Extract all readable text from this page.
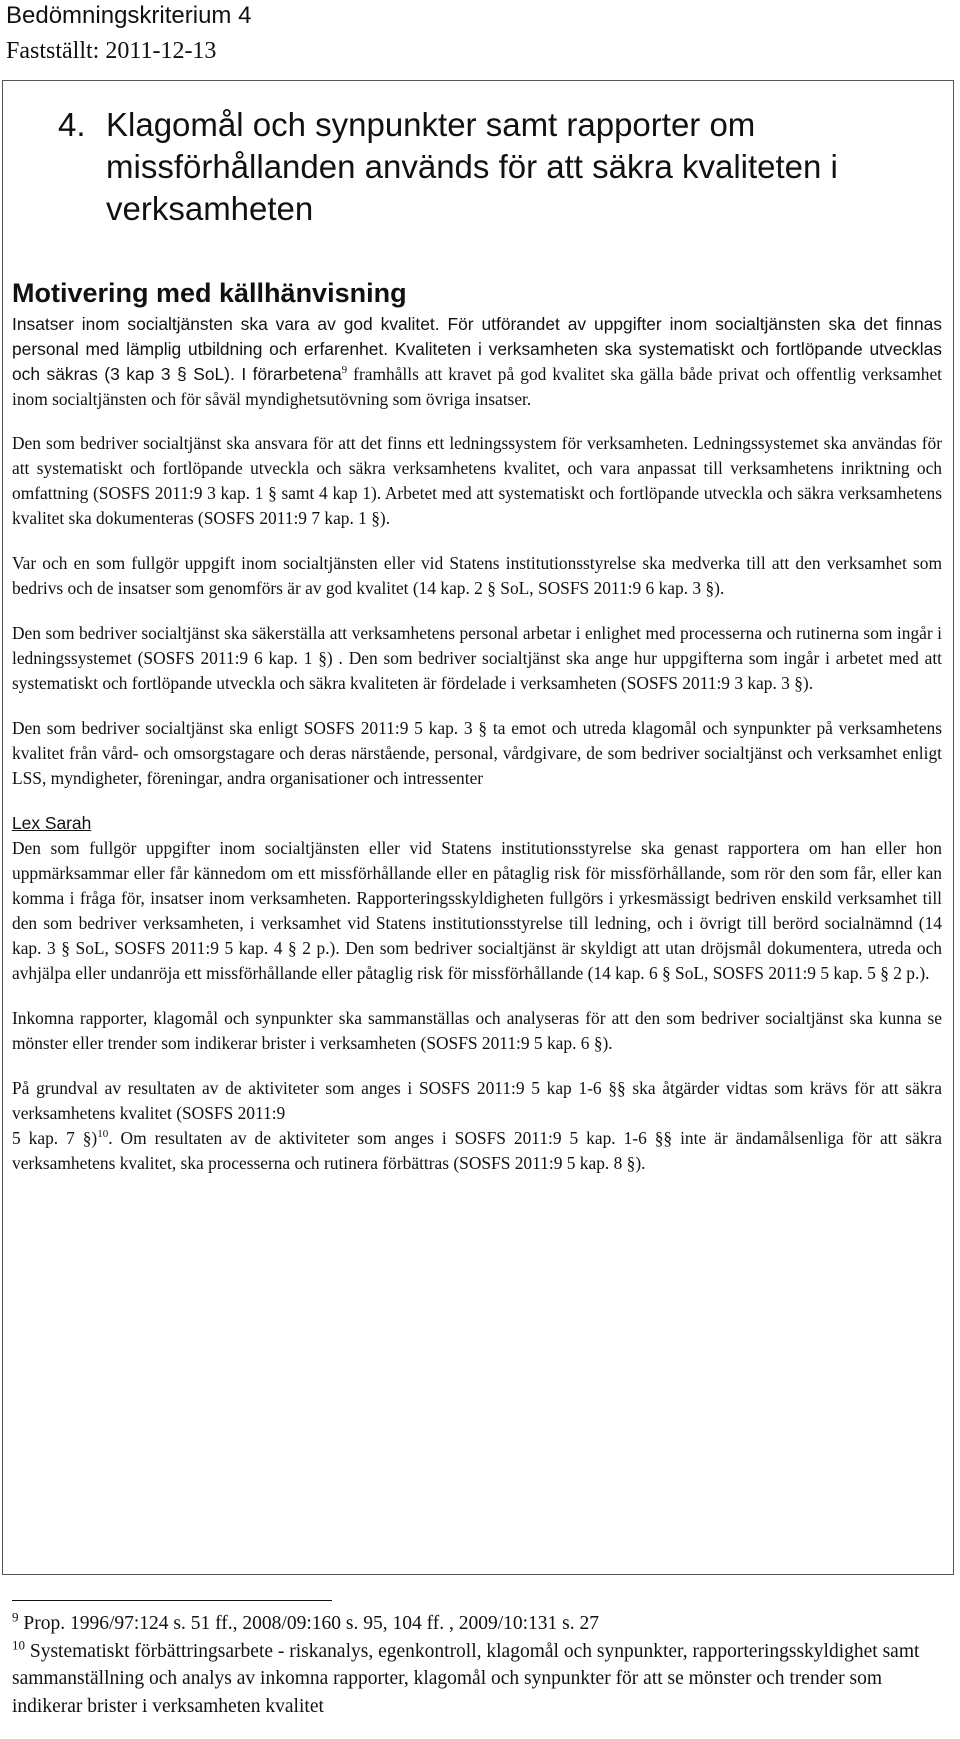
Bedömningskriterium 4
Fastställt: 2011-12-13
4. Klagomål och synpunkter samt rapporter om missförhållanden används för att säkra kvaliteten i verksamheten
Motivering med källhänvisning

Insatser inom socialtjänsten ska vara av god kvalitet. För utförandet av uppgifter inom socialtjänsten ska det finnas personal med lämplig utbildning och erfarenhet. Kvaliteten i verksamheten ska systematiskt och fortlöpande utvecklas och säkras (3 kap 3 § SoL). I förarbetena$^9$ framhålls att kravet på god kvalitet ska gälla både privat och offentlig verksamhet inom socialtjänsten och för såväl myndighetsutövning som övriga insatser.

Den som bedriver socialtjänst ska ansvara för att det finns ett ledningssystem för verksamheten. Ledningssystemet ska användas för att systematiskt och fortlöpande utveckla och säkra verksamhetens kvalitet, och vara anpassat till verksamhetens inriktning och omfattning (SOSFS 2011:9 3 kap. 1 § samt 4 kap 1). Arbetet med att systematiskt och fortlöpande utveckla och säkra verksamhetens kvalitet ska dokumenteras (SOSFS 2011:9 7 kap. 1 §).

Var och en som fullgör uppgift inom socialtjänsten eller vid Statens institutionsstyrelse ska medverka till att den verksamhet som bedrivs och de insatser som genomförs är av god kvalitet (14 kap. 2 § SoL, SOSFS 2011:9 6 kap. 3 §).

Den som bedriver socialtjänst ska säkerställa att verksamhetens personal arbetar i enlighet med processerna och rutinerna som ingår i ledningssystemet (SOSFS 2011:9 6 kap. 1 §) . Den som bedriver socialtjänst ska ange hur uppgifterna som ingår i arbetet med att systematiskt och fortlöpande utveckla och säkra kvaliteten är fördelade i verksamheten (SOSFS 2011:9 3 kap. 3 §).

Den som bedriver socialtjänst ska enligt SOSFS 2011:9 5 kap. 3 § ta emot och utreda klagomål och synpunkter på verksamhetens kvalitet från vård- och omsorgstagare och deras närstående, personal, vårdgivare, de som bedriver socialtjänst och verksamhet enligt LSS, myndigheter, föreningar, andra organisationer och intressenter

Lex Sarah

Den som fullgör uppgifter inom socialtjänsten eller vid Statens institutionsstyrelse ska genast rapportera om han eller hon uppmärksammar eller får kännedom om ett missförhållande eller en påtaglig risk för missförhållande, som rör den som får, eller kan komma i fråga för, insatser inom verksamheten. Rapporteringsskyldigheten fullgörs i yrkesmässigt bedriven enskild verksamhet till den som bedriver verksamheten, i verksamhet vid Statens institutionsstyrelse till ledning, och i övrigt till berörd socialnämnd (14 kap. 3 § SoL, SOSFS 2011:9 5 kap. 4 § 2 p.). Den som bedriver socialtjänst är skyldigt att utan dröjsmål dokumentera, utreda och avhjälpa eller undanröja ett missförhållande eller påtaglig risk för missförhållande (14 kap. 6 § SoL, SOSFS 2011:9 5 kap. 5 § 2 p.).

Inkomna rapporter, klagomål och synpunkter ska sammanställas och analyseras för att den som bedriver socialtjänst ska kunna se mönster eller trender som indikerar brister i verksamheten (SOSFS 2011:9 5 kap. 6 §).

På grundval av resultaten av de aktiviteter som anges i SOSFS 2011:9 5 kap 1-6 §§ ska åtgärder vidtas som krävs för att säkra verksamhetens kvalitet (SOSFS 2011:9
5 kap. 7 §)$^{10}$. Om resultaten av de aktiviteter som anges i SOSFS 2011:9 5 kap. 1-6 §§ inte är ändamålsenliga för att säkra verksamhetens kvalitet, ska processerna och rutinera förbättras (SOSFS 2011:9 5 kap. 8 §).

$^9$ Prop. 1996/97:124 s. 51 ff., 2008/09:160 s. 95, 104 ff. , 2009/10:131 s. 27

$^{10}$ Systematiskt förbättringsarbete - riskanalys, egenkontroll, klagomål och synpunkter, rapporteringsskyldighet samt sammanställning och analys av inkomna rapporter, klagomål och synpunkter för att se mönster och trender som indikerar brister i verksamheten kvalitet
